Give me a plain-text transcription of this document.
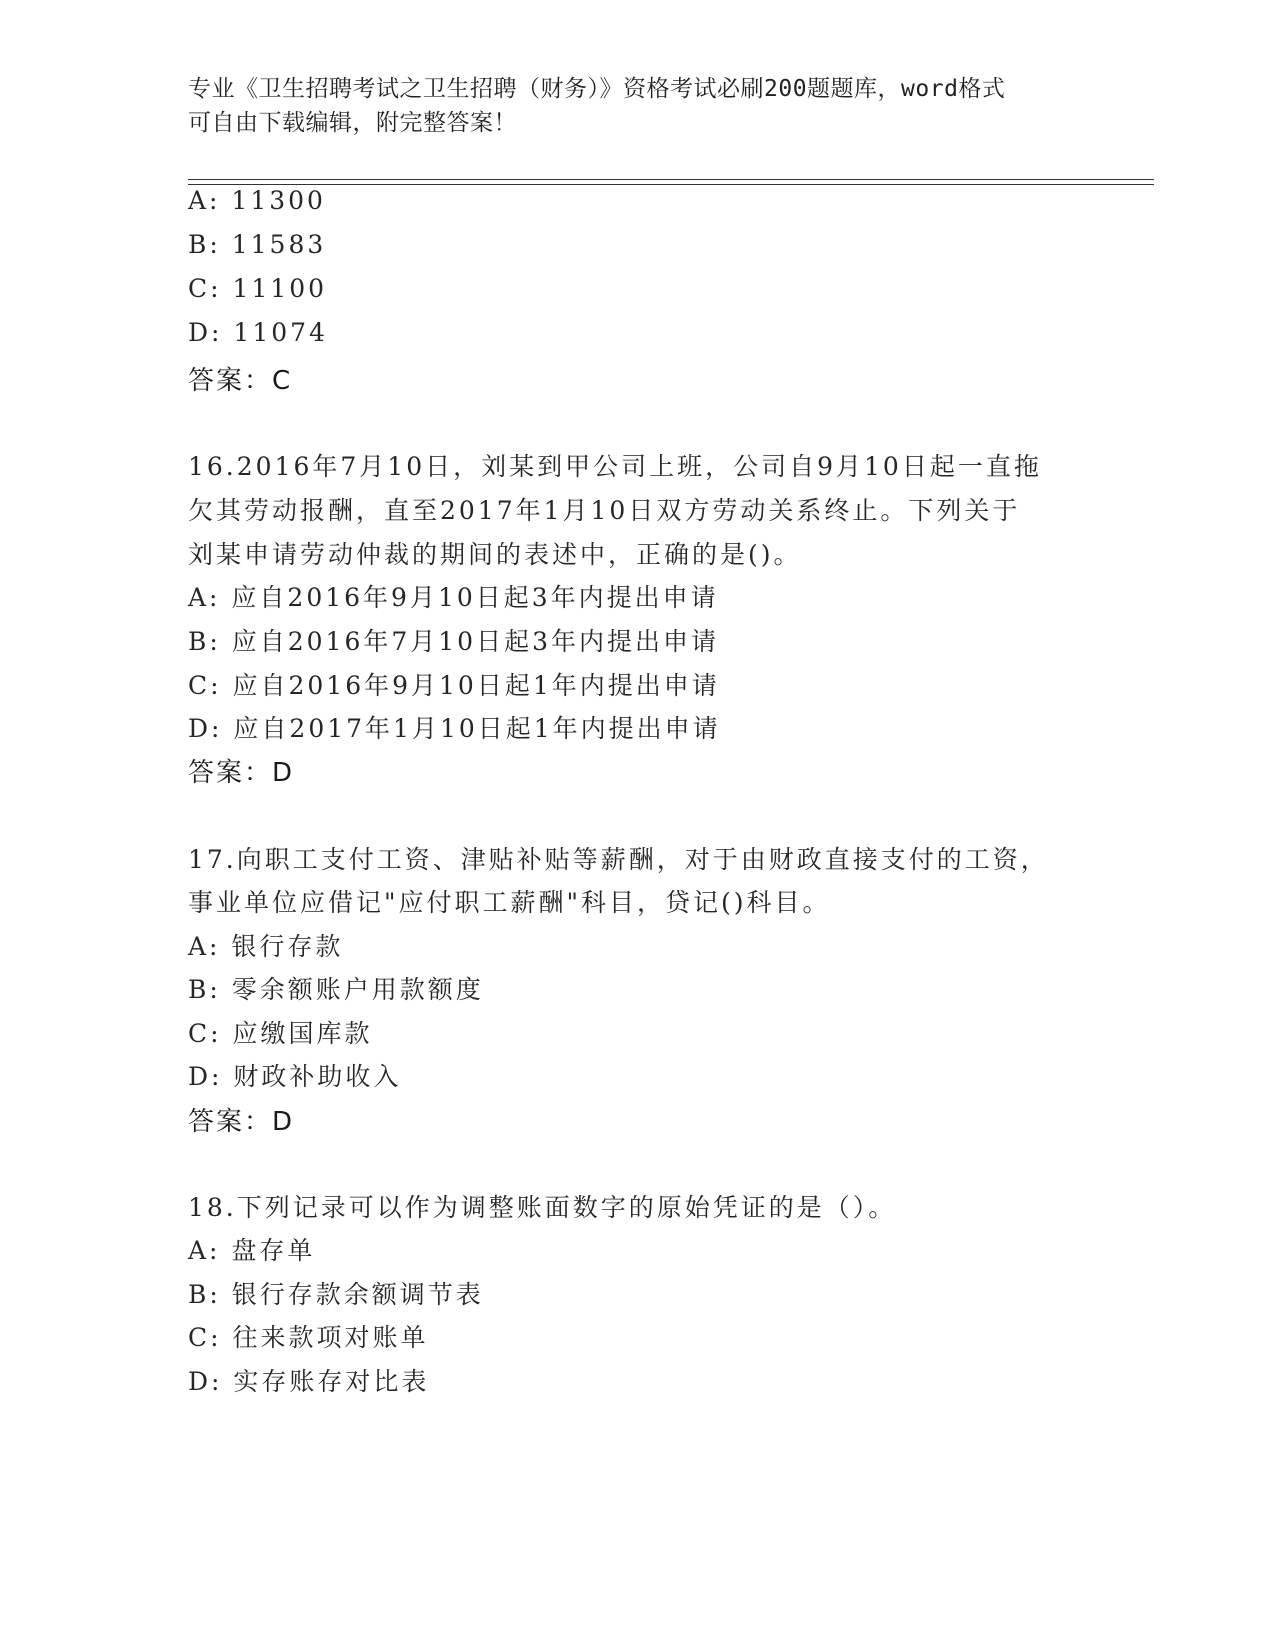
专业《卫生招聘考试之卫生招聘（财务）》资格考试必刷200题题库，word格式
可自由下载编辑，附完整答案！
A: 11300
B: 11583
C: 11100
D: 11074
答案：C
16.2016年7月10日，刘某到甲公司上班，公司自9月10日起一直拖
欠其劳动报酬，直至2017年1月10日双方劳动关系终止。下列关于
刘某申请劳动仲裁的期间的表述中，正确的是()。
A: 应自2016年9月10日起3年内提出申请
B: 应自2016年7月10日起3年内提出申请
C: 应自2016年9月10日起1年内提出申请
D: 应自2017年1月10日起1年内提出申请
答案：D
17.向职工支付工资、津贴补贴等薪酬，对于由财政直接支付的工资，
事业单位应借记"应付职工薪酬"科目，贷记()科目。
A: 银行存款
B: 零余额账户用款额度
C: 应缴国库款
D: 财政补助收入
答案：D
18.下列记录可以作为调整账面数字的原始凭证的是（）。
A: 盘存单
B: 银行存款余额调节表
C: 往来款项对账单
D: 实存账存对比表
